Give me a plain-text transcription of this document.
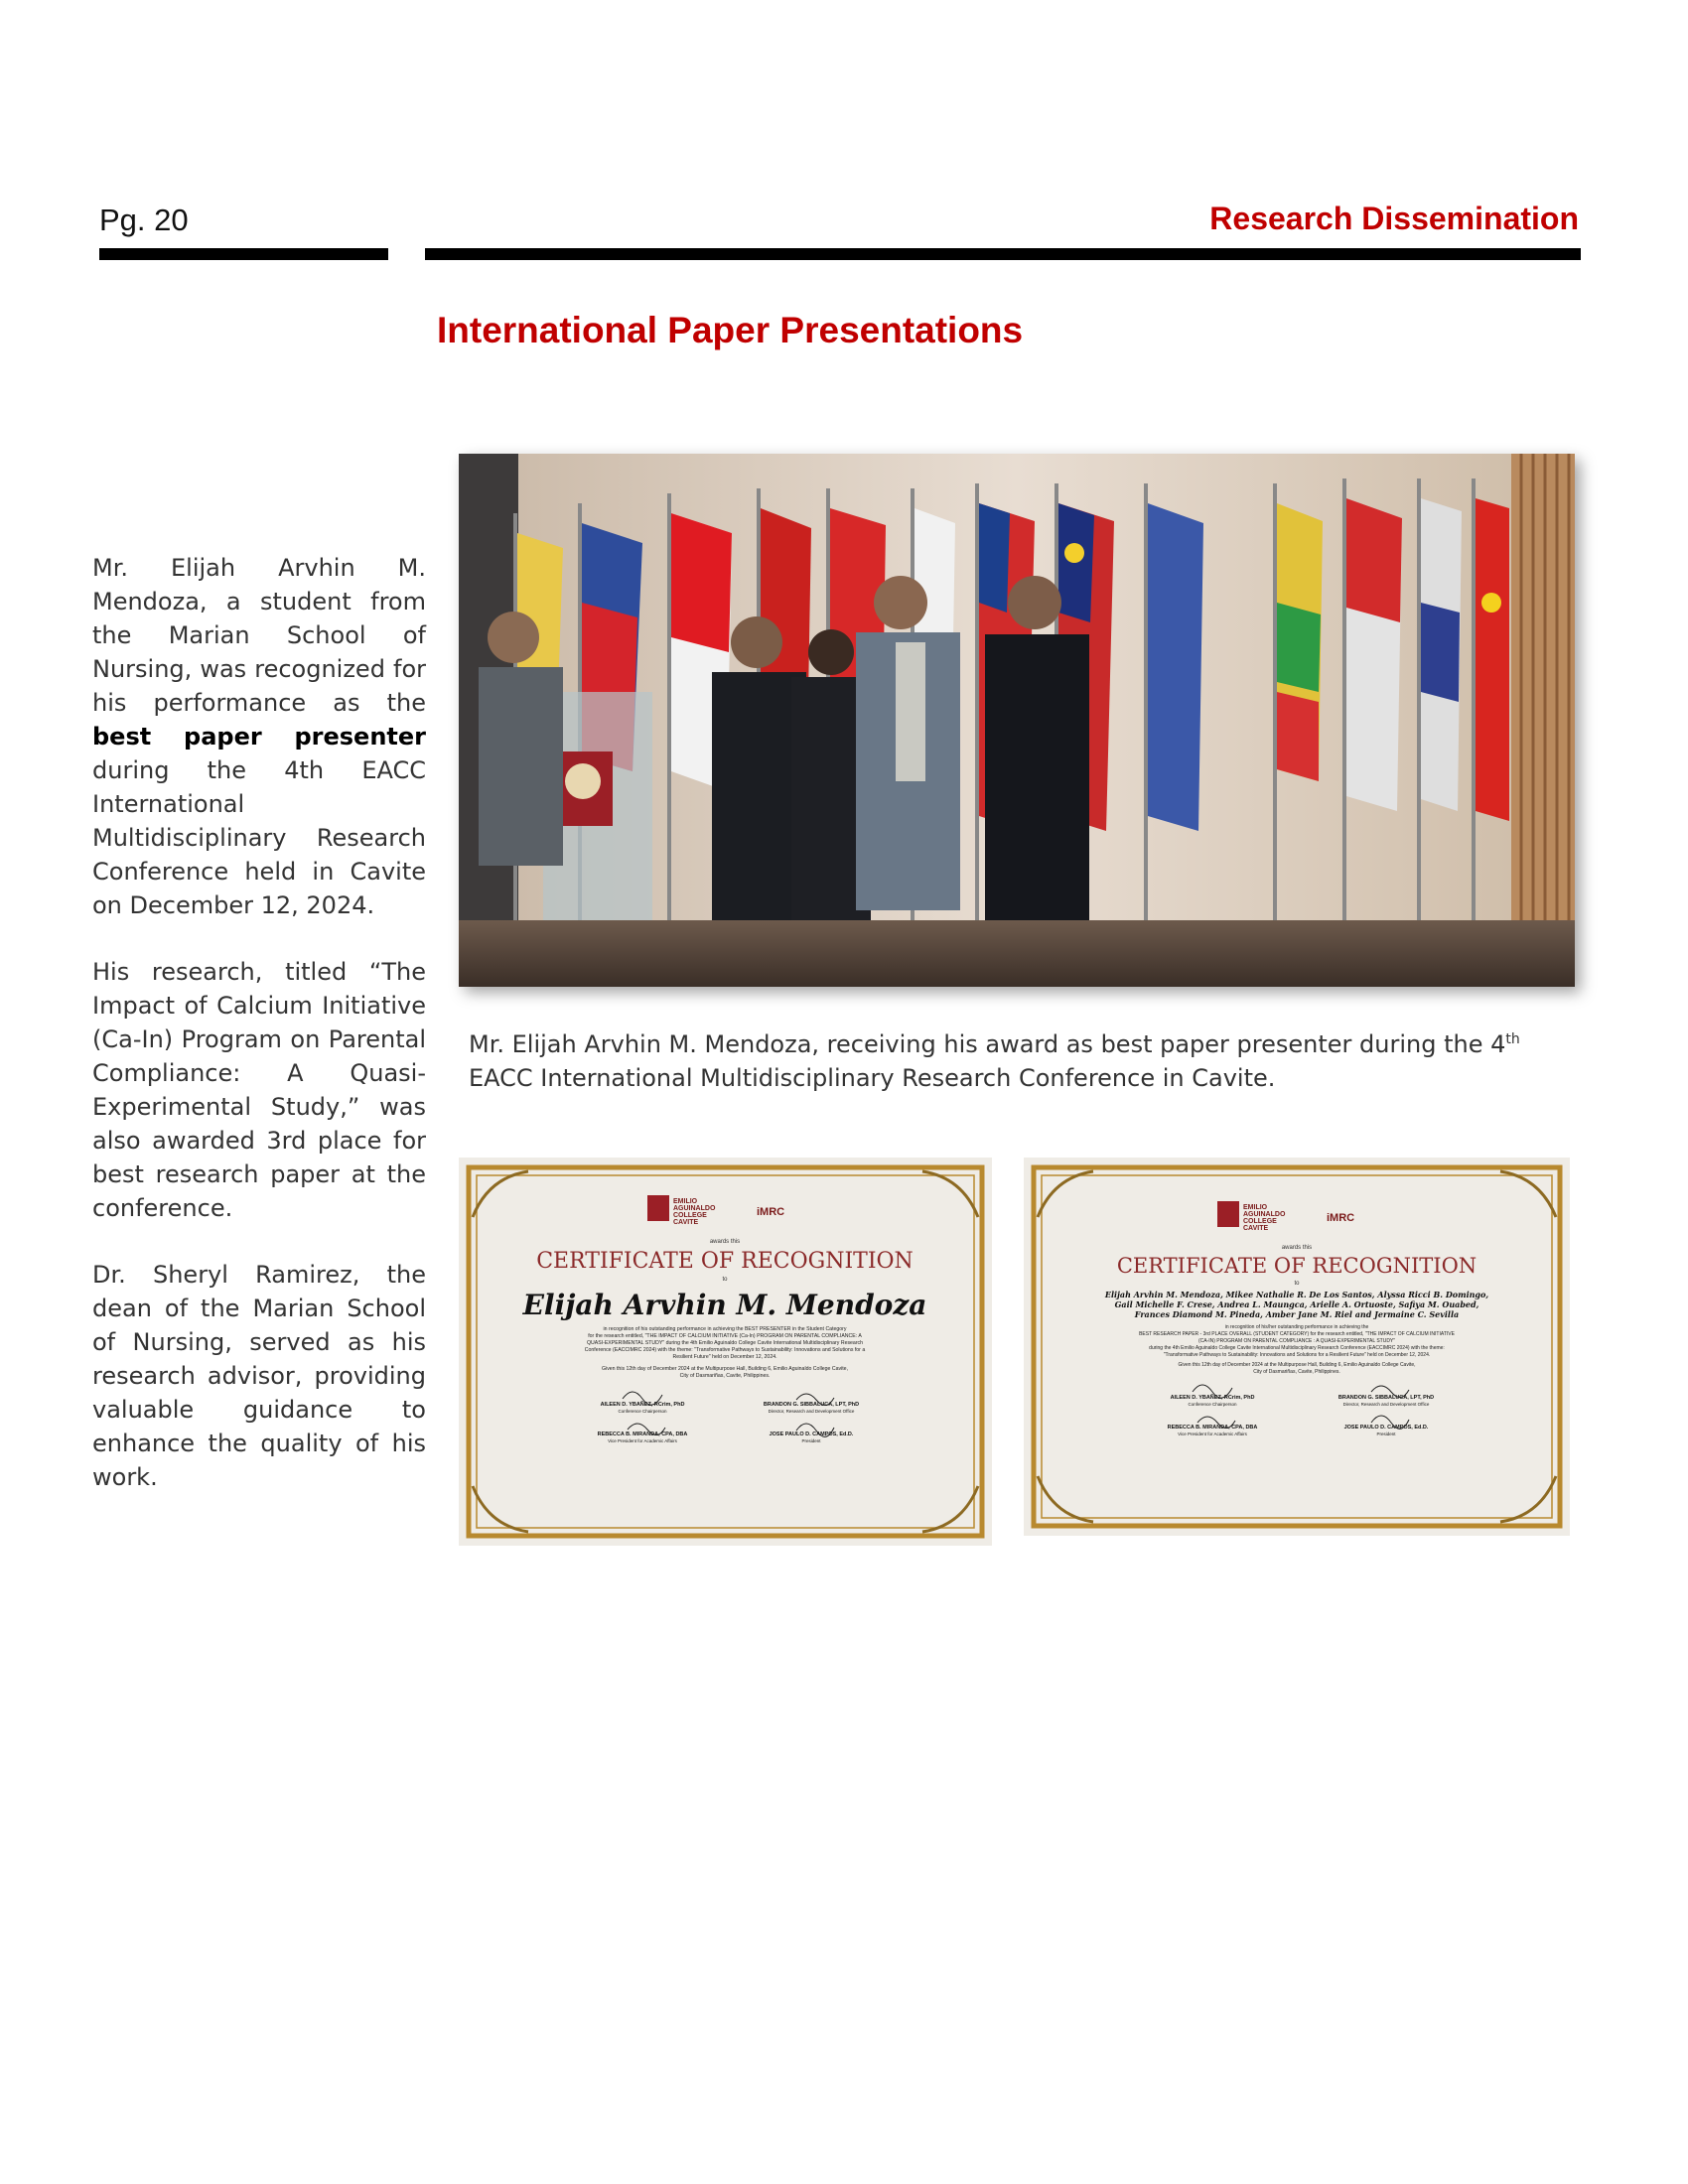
Pg. 20	Research Dissemination
International Paper Presentations

Mr. Elijah Arvhin M. Mendoza, a student from the Marian School of Nursing, was recognized for his performance as the best paper presenter during the 4th EACC International Multidisciplinary Research Conference held in Cavite on December 12, 2024.

His research, titled “The Impact of Calcium Initiative (Ca-In) Program on Parental Compliance: A Quasi-Experimental Study,” was also awarded 3rd place for best research paper at the conference.

Dr. Sheryl Ramirez, the dean of the Marian School of Nursing, served as his research advisor, providing valuable guidance to enhance the quality of his work.

Mr. Elijah Arvhin M. Mendoza, receiving his award as best paper presenter during the 4th EACC International Multidisciplinary Research Conference in Cavite.
EMILIO
AGUINALDO
COLLEGE
CAVITE
iMRC
awards this
CERTIFICATE OF RECOGNITION
to
Elijah Arvhin M. Mendoza
in recognition of his outstanding performance in achieving the BEST PRESENTER in the Student Category
for the research entitled, "THE IMPACT OF CALCIUM INITIATIVE (Ca-In) PROGRAM ON PARENTAL COMPLIANCE: A
QUASI-EXPERIMENTAL STUDY" during the 4th Emilio Aguinaldo College Cavite International Multidisciplinary Research
Conference (EACCIMRC 2024) with the theme: "Transformative Pathways to Sustainability: Innovations and Solutions for a
Resilient Future" held on December 12, 2024.
Given this 12th day of December 2024 at the Multipurpose Hall, Building 6, Emilio Aguinaldo College Cavite,
City of Dasmariñas, Cavite, Philippines.
AILEEN D. YBAÑEZ, RCrim, PhD
Conference Chairperson
BRANDON G. SIBBALUCA, LPT, PhD
Director, Research and Development Office
REBECCA B. MIRANDA, CPA, DBA
Vice President for Academic Affairs
JOSE PAULO D. CAMPOS, Ed.D.
President
EMILIO
AGUINALDO
COLLEGE
CAVITE
iMRC
awards this
CERTIFICATE OF RECOGNITION
to
Elijah Arvhin M. Mendoza, Mikee Nathalie R. De Los Santos, Alyssa Ricci B. Domingo,
Gail Michelle F. Crese, Andrea L. Maungca, Arielle A. Ortuoste, Safiya M. Ouabed,
Frances Diamond M. Pineda, Amber Jane M. Riel and Jermaine C. Sevilla
in recognition of his/her outstanding performance in achieving the
BEST RESEARCH PAPER - 3rd PLACE OVERALL (STUDENT CATEGORY) for the research entitled, "THE IMPACT OF CALCIUM INITIATIVE
(CA-IN) PROGRAM ON PARENTAL COMPLIANCE : A QUASI-EXPERIMENTAL STUDY"
during the 4th Emilio Aguinaldo College Cavite International Multidisciplinary Research Conference (EACCIMRC 2024) with the theme:
"Transformative Pathways to Sustainability: Innovations and Solutions for a Resilient Future" held on December 12, 2024.
Given this 12th day of December 2024 at the Multipurpose Hall, Building 6, Emilio Aguinaldo College Cavite,
City of Dasmariñas, Cavite, Philippines.
AILEEN D. YBAÑEZ, RCrim, PhD
Conference Chairperson
BRANDON G. SIBBALUCA, LPT, PhD
Director, Research and Development Office
REBECCA B. MIRANDA, CPA, DBA
Vice President for Academic Affairs
JOSE PAULO D. CAMPOS, Ed.D.
President
